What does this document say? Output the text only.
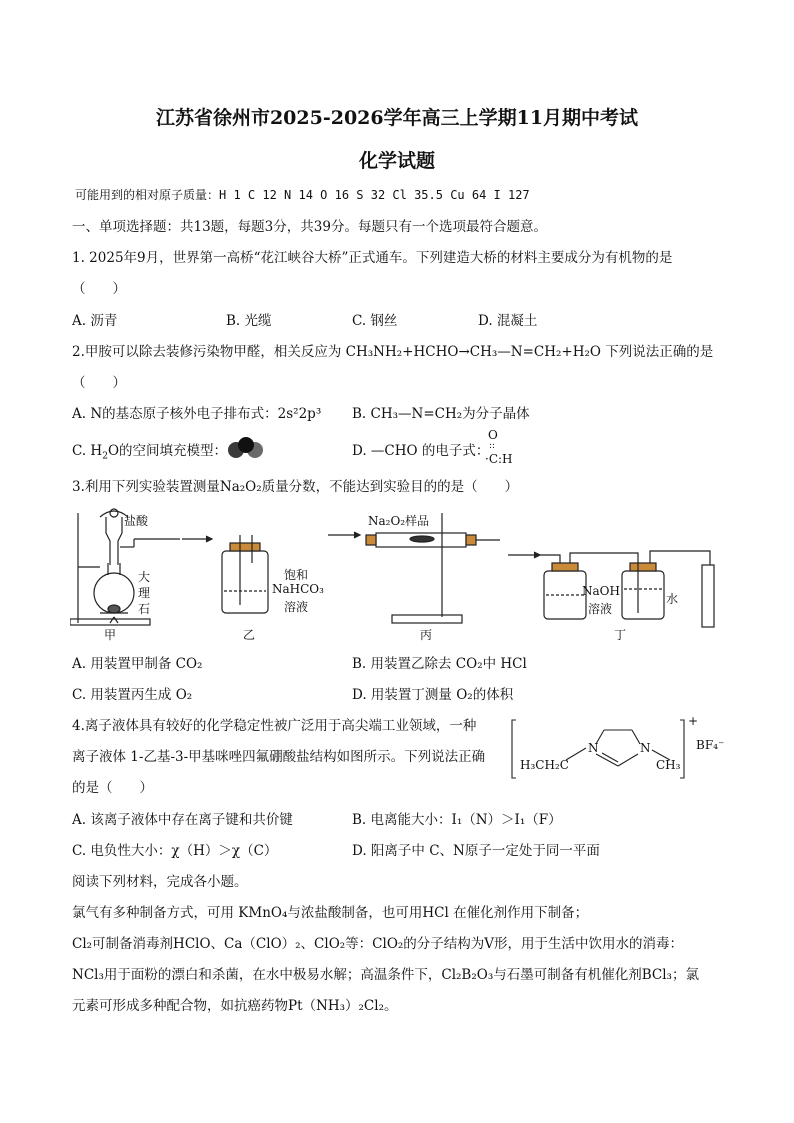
江苏省徐州市2025-2026学年高三上学期11月期中考试
化学试题
可能用到的相对原子质量：H 1 C 12 N 14 O 16 S 32 Cl 35.5 Cu 64 I 127
一、单项选择题：共13题，每题3分，共39分。每题只有一个选项最符合题意。
1. 2025年9月，世界第一高桥“花江峡谷大桥”正式通车。下列建造大桥的材料主要成分为有机物的是
（　　）
A. 沥青	B. 光缆	C. 钢丝	D. 混凝土
2.甲胺可以除去装修污染物甲醛，相关反应为 CH₃NH₂+HCHO→CH₃—N=CH₂+H₂O 下列说法正确的是
（　　）
A. N的基态原子核外电子排布式：2s²2p³ B. CH₃—N=CH₂为分子晶体
C. $H_2O$的空间填充模型：	D. —CHO 的电子式：
O
::
·C:H
3.利用下列实验装置测量Na₂O₂质量分数，不能达到实验目的的是（　　）
盐酸
大
理
石
饱和
NaHCO₃
溶液
Na₂O₂样品
NaOH
溶液
水
甲	乙	丙	丁
A. 用装置甲制备 CO₂	B. 用装置乙除去 CO₂中 HCl
C. 用装置丙生成 O₂	D. 用装置丁测量 O₂的体积
4.离子液体具有较好的化学稳定性被广泛用于高尖端工业领域，一种
离子液体 1-乙基-3-甲基咪唑四氟硼酸盐结构如图所示。下列说法正确
的是（　　）
+
BF₄⁻
H₃CH₂C
N	N
CH₃
A. 该离子液体中存在离子键和共价键	B. 电离能大小：I₁（N）＞I₁（F）
C. 电负性大小：χ（H）＞χ（C）	D. 阳离子中 C、N原子一定处于同一平面
阅读下列材料，完成各小题。
氯气有多种制备方式，可用 KMnO₄与浓盐酸制备，也可用HCl 在催化剂作用下制备；
Cl₂可制备消毒剂HClO、Ca（ClO）₂、ClO₂等：ClO₂的分子结构为V形，用于生活中饮用水的消毒：
NCl₃用于面粉的漂白和杀菌，在水中极易水解；高温条件下，Cl₂B₂O₃与石墨可制备有机催化剂BCl₃；氯
元素可形成多种配合物，如抗癌药物Pt（NH₃）₂Cl₂。
